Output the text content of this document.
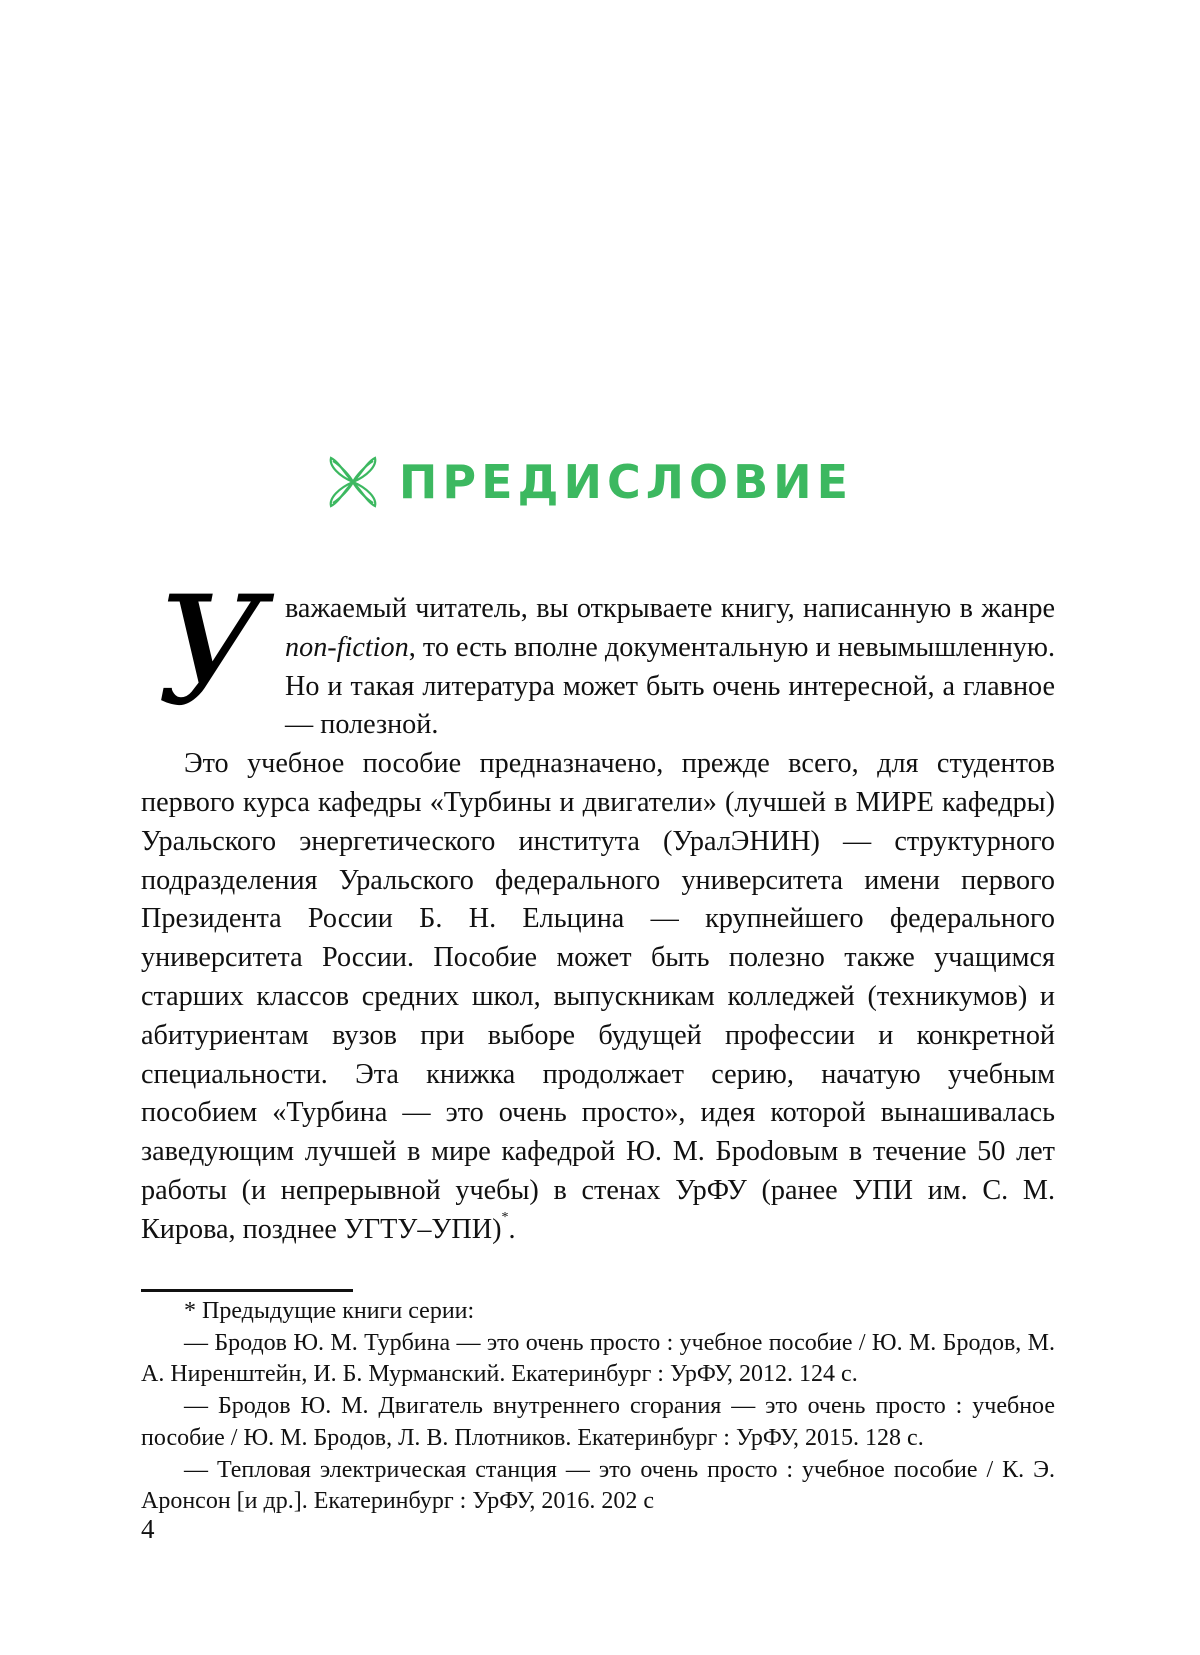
ПРЕДИСЛОВИЕ

Уважаемый читатель, вы открываете книгу, написанную в жанре non-fiction, то есть вполне документальную и невымышленную. Но и такая литература может быть очень интересной, а главное — полезной.

Это учебное пособие предназначено, прежде всего, для студентов первого курса кафедры «Турбины и двигатели» (лучшей в МИРЕ кафедры) Уральского энергетического института (УралЭНИН) — структурного подразделения Уральского федерального университета имени первого Президента России Б. Н. Ельцина — крупнейшего федерального университета России. Пособие может быть полезно также учащимся старших классов средних школ, выпускникам колледжей (техникумов) и абитуриентам вузов при выборе будущей профессии и конкретной специальности. Эта книжка продолжает серию, начатую учебным пособием «Турбина — это очень просто», идея которой вынашивалась заведующим лучшей в мире кафедрой Ю. М. Броdовым в течение 50 лет работы (и непрерывной учебы) в стенах УрФУ (ранее УПИ им. С. М. Кирова, позднее УГТУ–УПИ)*.

* Предыдущие книги серии:

— Бродов Ю. М. Турбина — это очень просто : учебное пособие / Ю. М. Бродов, М. А. Ниренштейн, И. Б. Мурманский. Екатеринбург : УрФУ, 2012. 124 с.

— Бродов Ю. М. Двигатель внутреннего сгорания — это очень просто : учебное пособие / Ю. М. Бродов, Л. В. Плотников. Екатеринбург : УрФУ, 2015. 128 с.

— Тепловая электрическая станция — это очень просто : учебное пособие / К. Э. Аронсон [и др.]. Екатеринбург : УрФУ, 2016. 202 с

4
